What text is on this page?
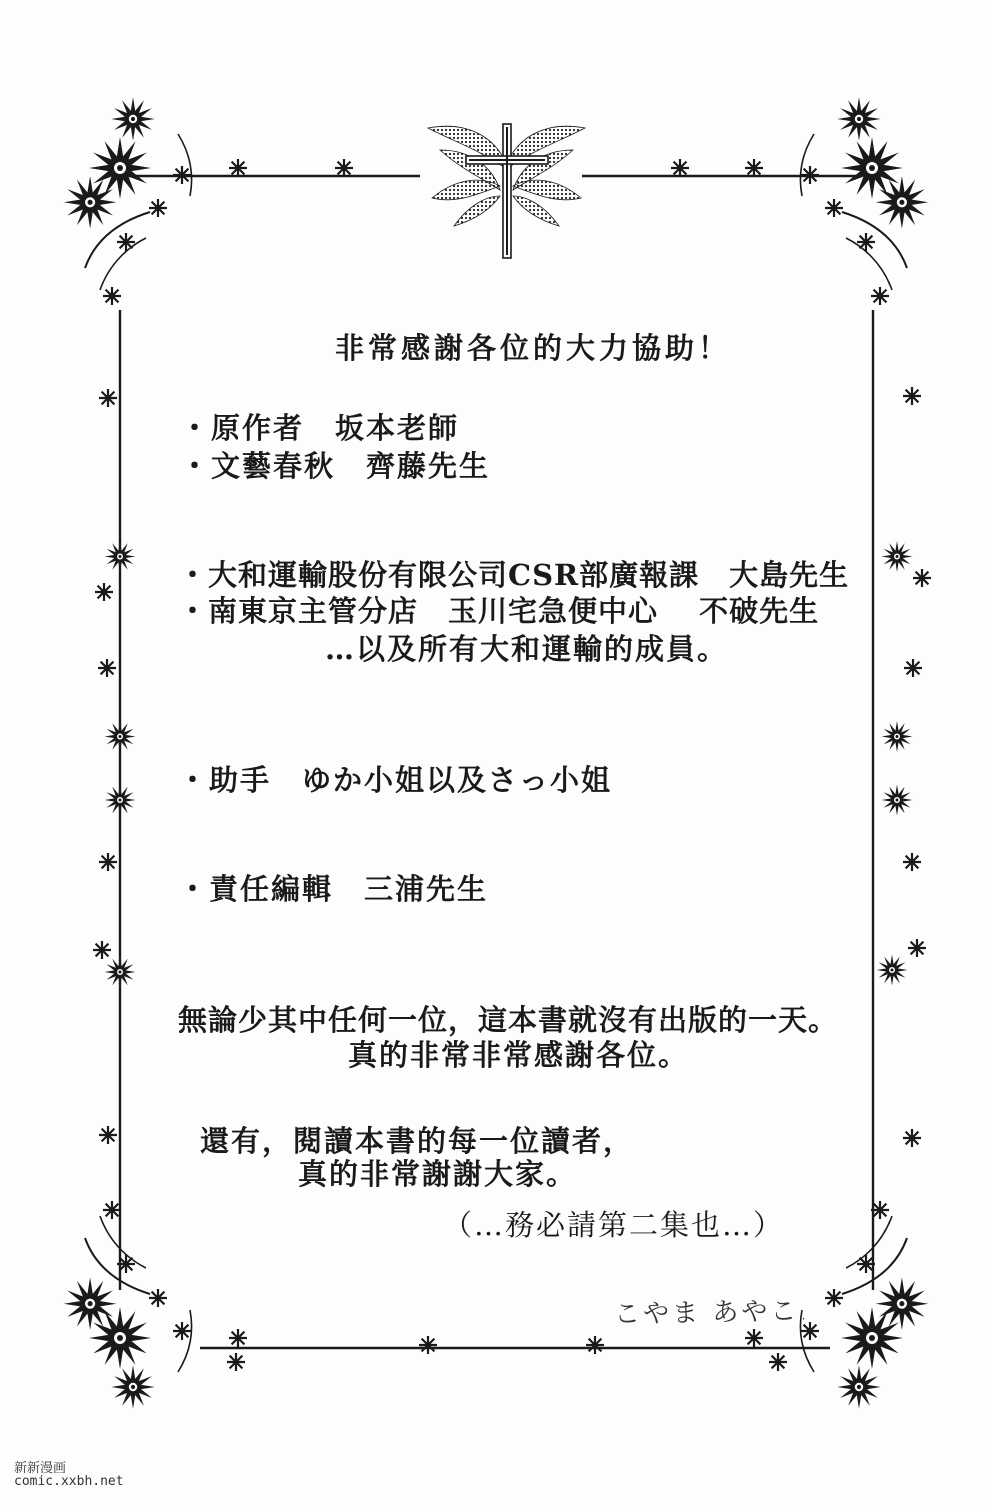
非常感謝各位的大力協助！

・原作者　坂本老師

・文藝春秋　齊藤先生

・大和運輸股份有限公司CSR部廣報課　大島先生

・南東京主管分店　玉川宅急便中心　 不破先生

…以及所有大和運輸的成員。

・助手　ゆか小姐以及さっ小姐

・責任編輯　三浦先生

無論少其中任何一位，這本書就沒有出版的一天。

真的非常非常感謝各位。

還有，閱讀本書的每一位讀者，

真的非常謝謝大家。

（…務必請第二集也…）

こやま あやこ.

新新漫画

comic.xxbh.net
